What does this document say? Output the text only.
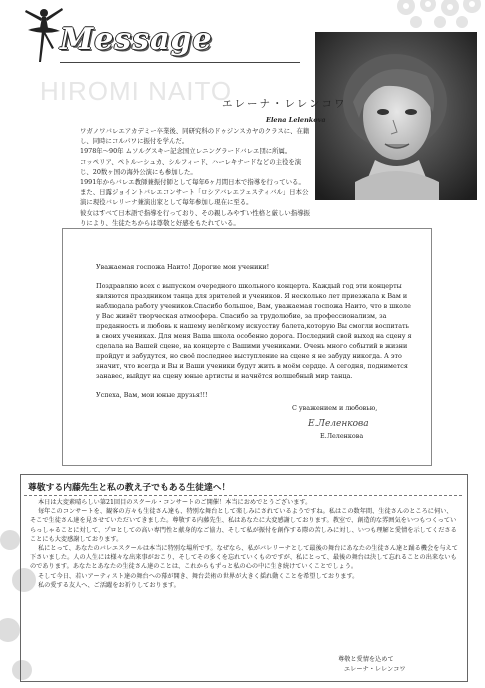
Message
HIROMI NAITO
エレーナ・レレンコワ
Elena Lelenkova

ワガノワバレエアカデミー卒業後、同研究科のドゥジンスカヤのクラスに、在籍し、同時にコルパワに振付を学んだ。

1978年〜90年 ムソルグスキー記念国立レニングラードバレエ団に所属。

コッペリア、ペトルーシュカ、シルフィード、ハーレキナードなどの主役を演じ、20数ヶ国の海外公演にも参加した。

1991年からバレエ教師兼振付師として毎年6ヶ月間日本で指導を行っている。

また、日露ジョイントバレエコンサート「ロシアバレエフェスティバル」日本公演に現役バレリーナ兼演出家として毎年参加し現在に至る。

彼女はすべて日本語で指導を行っており、その親しみやすい性格と厳しい指導振りにより、生徒たちからは尊敬と好感をもたれている。

Уважаемая госпожа Наито! Дорогие мои ученики!

Поздравляю всех с выпуском очередного школьного концерта. Каждый год эти концерты являются праздником танца для зрителей и учеников. Я несколько лет приезжала к Вам и наблюдала работу учеников.Спасибо большое, Вам, уважаемая госпожа Наито, что в школе у Вас живёт творческая атмосфера. Спасибо за трудолюбие, за профессионализм, за преданность и любовь к нашему нелёгкому искусству балета,которую Вы смогли воспитать в своих учениках. Для меня Ваша школа особенно дорога. Последний свой выход на сцену я сделала на Вашей сцене, на концерте с Вашими учениками. Очень много событий в жизни пройдут и забудутся, но своё последнее выступление на сцене я не забуду никогда. А это значит, что всегда и Вы и Ваши ученики будут жить в моём сердце. А сегодня, поднимется занавес, выйдут на сцену юные артисты и начнётся волшебный мир танца.

Успеха, Вам, мои юные друзья!!!

С уважением и любовью,
Е.Лелeнкова
Е.Леленкова
尊敬する内藤先生と私の教え子でもある生徒達へ！

本日は大変素晴らしい第21回目のスクール・コンサートのご開催！本当におめでとうございます。

毎年このコンサートを、観客の方々も生徒さん達も、特別な舞台として楽しみにされているようですね。私はこの数年間、生徒さんのところに伺い、そこで生徒さん達を見させていただいてきました。尊敬する内藤先生、私はあなたに大変感謝しております。教室で、創造的な雰囲気をいつもつくっていらっしゃることに対して、プロとしての高い専門性と献身的なご協力、そして私が振付を創作する際の苦しみに対し、いつも理解と愛情を示してくださることにも大変感謝しております。

私にとって、あなたのバレエスクールは本当に特別な場所です。なぜなら、私がバレリーナとして最後の舞台にあなたの生徒さん達と踊る機会を与えて下さいました。人の人生には様々な出来事がおこり、そしてその多くを忘れていくものですが、私にとって、最後の舞台は決して忘れることの出来ないものであります。あなたとあなたの生徒さん達のことは、これからもずっと私の心の中に生き続けていくことでしょう。

そして今日、若いアーティスト達の舞台への幕が開き、舞台芸術の世界が大きく揺れ動くことを希望しております。

私の愛する友人へ、ご活躍をお祈りしております。

尊敬と愛情を込めて
エレーナ・レレンコワ
